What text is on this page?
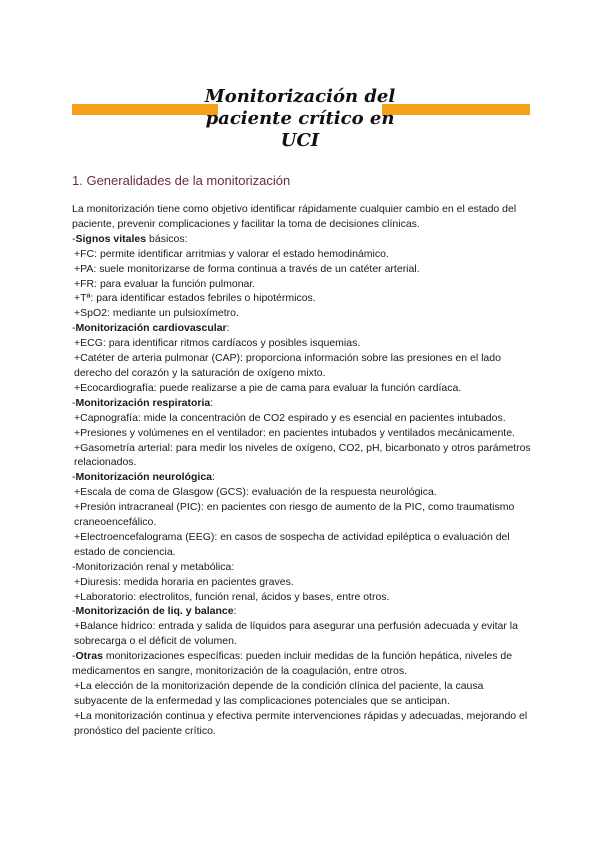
Monitorización del
paciente crítico en UCI
1. Generalidades de la monitorización

La monitorización tiene como objetivo identificar rápidamente cualquier cambio en el estado del paciente, prevenir complicaciones y facilitar la toma de decisiones clínicas.

-Signos vitales básicos:

+FC: permite identificar arritmias y valorar el estado hemodinámico.

+PA: suele monitorizarse de forma continua a través de un catéter arterial.

+FR: para evaluar la función pulmonar.

+Tª: para identificar estados febriles o hipotérmicos.

+SpO2: mediante un pulsioxímetro.

-Monitorización cardiovascular:

+ECG: para identificar ritmos cardíacos y posibles isquemias.

+Catéter de arteria pulmonar (CAP): proporciona información sobre las presiones en el lado derecho del corazón y la saturación de oxígeno mixto.

+Ecocardiografía: puede realizarse a pie de cama para evaluar la función cardíaca.

-Monitorización respiratoria:

+Capnografía: mide la concentración de CO2 espirado y es esencial en pacientes intubados.

+Presiones y volúmenes en el ventilador: en pacientes intubados y ventilados mecánicamente.

+Gasometría arterial: para medir los niveles de oxígeno, CO2, pH, bicarbonato y otros parámetros relacionados.

-Monitorización neurológica:

+Escala de coma de Glasgow (GCS): evaluación de la respuesta neurológica.

+Presión intracraneal (PIC): en pacientes con riesgo de aumento de la PIC, como traumatismo craneoencefálico.

+Electroencefalograma (EEG): en casos de sospecha de actividad epiléptica o evaluación del estado de conciencia.

-Monitorización renal y metabólica:

+Diuresis: medida horaria en pacientes graves.

+Laboratorio: electrolitos, función renal, ácidos y bases, entre otros.

-Monitorización de liq. y balance:

+Balance hídrico: entrada y salida de líquidos para asegurar una perfusión adecuada y evitar la sobrecarga o el déficit de volumen.

-Otras monitorizaciones específicas: pueden incluir medidas de la función hepática, niveles de medicamentos en sangre, monitorización de la coagulación, entre otros.

+La elección de la monitorización depende de la condición clínica del paciente, la causa subyacente de la enfermedad y las complicaciones potenciales que se anticipan.

+La monitorización continua y efectiva permite intervenciones rápidas y adecuadas, mejorando el pronóstico del paciente crítico.
